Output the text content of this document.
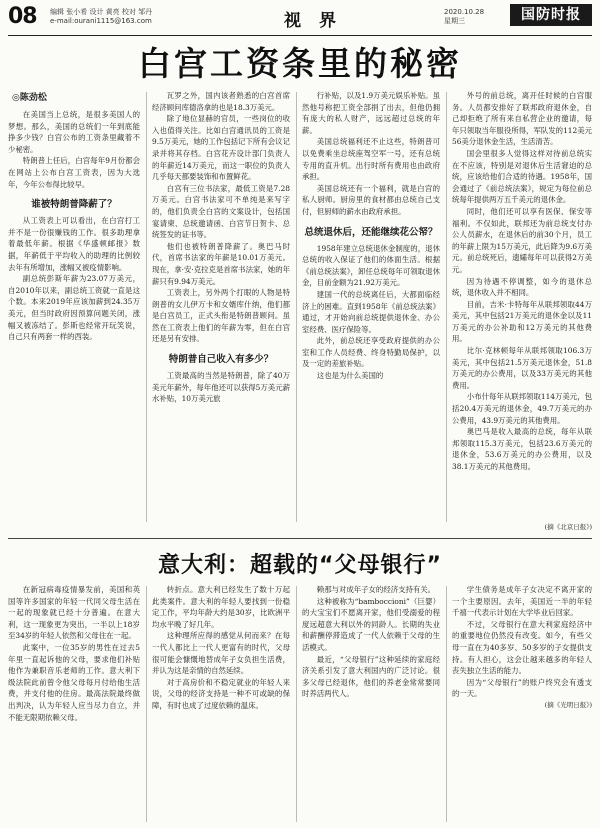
08 编辑 张小希 设计 黄亮 校对 邹丹
e-mail:ourani1115@163.com	视 界	2020.10.28
星期三	国防时报
白宫工资条里的秘密

◎陈劲松

在美国当上总统，是很多美国人的梦想。那么，美国的总统们一年到底能挣多少钱？白宫公布的工资条里藏着不少秘密。

特朗普上任后，白宫每年9月份都会在网站上公布白宫工资表，因为大选年，今年公布得比较早。

谁被特朗普降薪了？

从工资表上可以看出，在白宫打工并不是一份很赚钱的工作。很多助理拿着最低年薪。根据《华盛顿邮报》数据，年薪低于平均收入的助理的比例较去年有所增加，涨幅又被疫情影响。

副总统彭斯年薪为23.07万美元，自2010年以来，副总统工资就一直是这个数。本来2019年应该加薪到24.35万美元，但当时政府因预算问题关闭，涨幅又被冻结了。彭斯也经常开玩笑说，自己只有两套一样的西装。

瓦罗之外，国内该者熟悉的白宫首席经济顾问库德洛拿的也是18.3万美元。

除了地位显赫的官员，一些岗位的收入也值得关注。比如白宫通讯员的工资是9.5万美元，她的工作包括记下所有会议记录并将其存档。白宫花卉设计部门负责人的年薪近14万美元，而这一职位的负责人几乎每天都要装饰和布置鲜花。

白宫有三位书法家，最低工资是7.28万美元。白宫书法家可不单纯是来写字的，他们负责全白宫的文案设计，包括国宴请柬、总统邀请函、白宫节日贺卡、总统签发的证书等。

他们也被特朗普降薪了。奥巴马时代，首席书法家的年薪是10.01万美元。现在，拿·安·克拉克是首席书法家，她的年薪只有9.94万美元。

工资表上，另外两个打眼的人物是特朗普的女儿伊万卡和女婿库什纳，他们都是白宫员工，正式头衔是特朗普顾问。虽然在工资表上他们的年薪为零，但在白宫还是另有安排。

特朗普自己收入有多少？

工资最高的当然是特朗普，除了40万美元年薪外，每年他还可以获得5万美元薪水补贴，10万美元旅

行补贴，以及1.9万美元娱乐补贴。虽然他号称把工资全部捐了出去，但他仍拥有庞大的私人财产，远远超过总统的年薪。

美国总统福利还不止这些，特朗普可以免费乘坐总统座驾空军一号，还有总统专用的直升机。出行时所有费用也由政府承担。

美国总统还有一个福利，就是白宫的私人厨师。厨房里的食材都由总统自己支付，但厨师的薪水由政府承担。

总统退休后，还能继续花公帑？

1958年建立总统退休金制度的，退休总统的收入保证了他们的体面生活。根据《前总统法案》，卸任总统每年可领取退休金，目前金额为21.92万美元。

建国一代的总统离任后，大都面临经济上的困难。直到1958年《前总统法案》通过，才开始向前总统提供退休金、办公室经费、医疗保险等。

此外，前总统还享受政府提供的办公室和工作人员经费、终身特勤局保护，以及一定的差旅补贴。

这也是为什么美国的

外号的前总统，离开任时候的白宫服务。人员都安排好了联邦政府退休金，自己却拒绝了所有来自私营企业的邀请，每年只领取当年服役所得，军队发的112美元56美分退休金生活，生活清苦。

国会里很多人觉得这样对待前总统实在不应该，特别是对退休后生活窘迫的总统，应该给他们合适的待遇。1958年，国会通过了《前总统法案》，规定为每位前总统每年提供两万五千美元的退休金。

同时，他们还可以享有医保、保安等福利。不仅如此，联邦还为前总统支付办公人员薪水，在退休后的前30个月，员工的年薪上限为15万美元，此后降为9.6万美元。前总统死后，遗孀每年可以获得2万美元。

因为待遇不停调整，如今的退休总统，退休收入并不相同。

目前，吉米·卡特每年从联邦领取44万美元，其中包括21万美元的退休金以及11万美元的办公补助和12万美元的其他费用。

比尔·克林顿每年从联邦领取106.3万美元，其中包括21.5万美元退休金，51.8万美元的办公费用，以及33万美元的其他费用。

小布什每年从联邦领取114万美元，包括20.4万美元的退休金，49.7万美元的办公费用，43.9万美元的其他费用。

奥巴马是收入最高的总统，每年从联邦领取115.3万美元，包括23.6万美元的退休金，53.6万美元的办公费用，以及38.1万美元的其他费用。

(摘《北京日报》)

意大利：超载的“父母银行”

在新冠病毒疫情暴发前，美国和英国等许多国家的年轻一代同父母生活在一起的现象就已经十分普遍。在意大利，这一现象更为突出，一半以上18岁至34岁的年轻人依然和父母住在一起。

此案中，一位35岁的男性在过去5年里一直起诉他的父母，要求他们补贴他作为兼职音乐老师的工作。意大利下级法院此前曾令他父母每月付给他生活费，并支付他的住房。最高法院最终做出判决，认为年轻人应当尽力自立，并不能无限期依赖父母。

转折点。意大利已经发生了数十万起此类案件。意大利的年轻人要找到一份稳定工作，平均年龄大约是30岁，比欧洲平均水平晚了好几年。

这种理所应得的感觉从何而来？在每一代人都比上一代人更富有的时代，父母很可能会慷慨地替成年子女负担生活费，并认为这是亲情的自然延续。

对于高房价和不稳定就业的年轻人来说，父母的经济支持是一种不可或缺的保障，有时也成了过度依赖的温床。

赖那与对成年子女的经济支持有关。

这种被称为“bamboccioni”（巨婴）的大宝宝们不愿离开家，他们受溺爱的程度远超意大利以外的同龄人。长期的失业和薪酬停滞造成了一代人依赖于父母的生活模式。

最近，“父母银行”这种延续的家庭经济关系引发了意大利国内的广泛讨论。很多父母已经退休，他们的养老金常常要同时养活两代人。

学生债务是成年子女决定不离开家的一个主要原因。去年，美国近一半的年轻千禧一代表示计划在大学毕业后回家。

不过，父母银行在意大利家庭经济中的重要地位仍然没有改变。如今，有些父母一直在为40多岁、50多岁的子女提供支持。有人担心，这会让越来越多的年轻人丧失独立生活的能力。

因为“父母银行”的账户终究会有透支的一天。

(摘《光明日报》)
